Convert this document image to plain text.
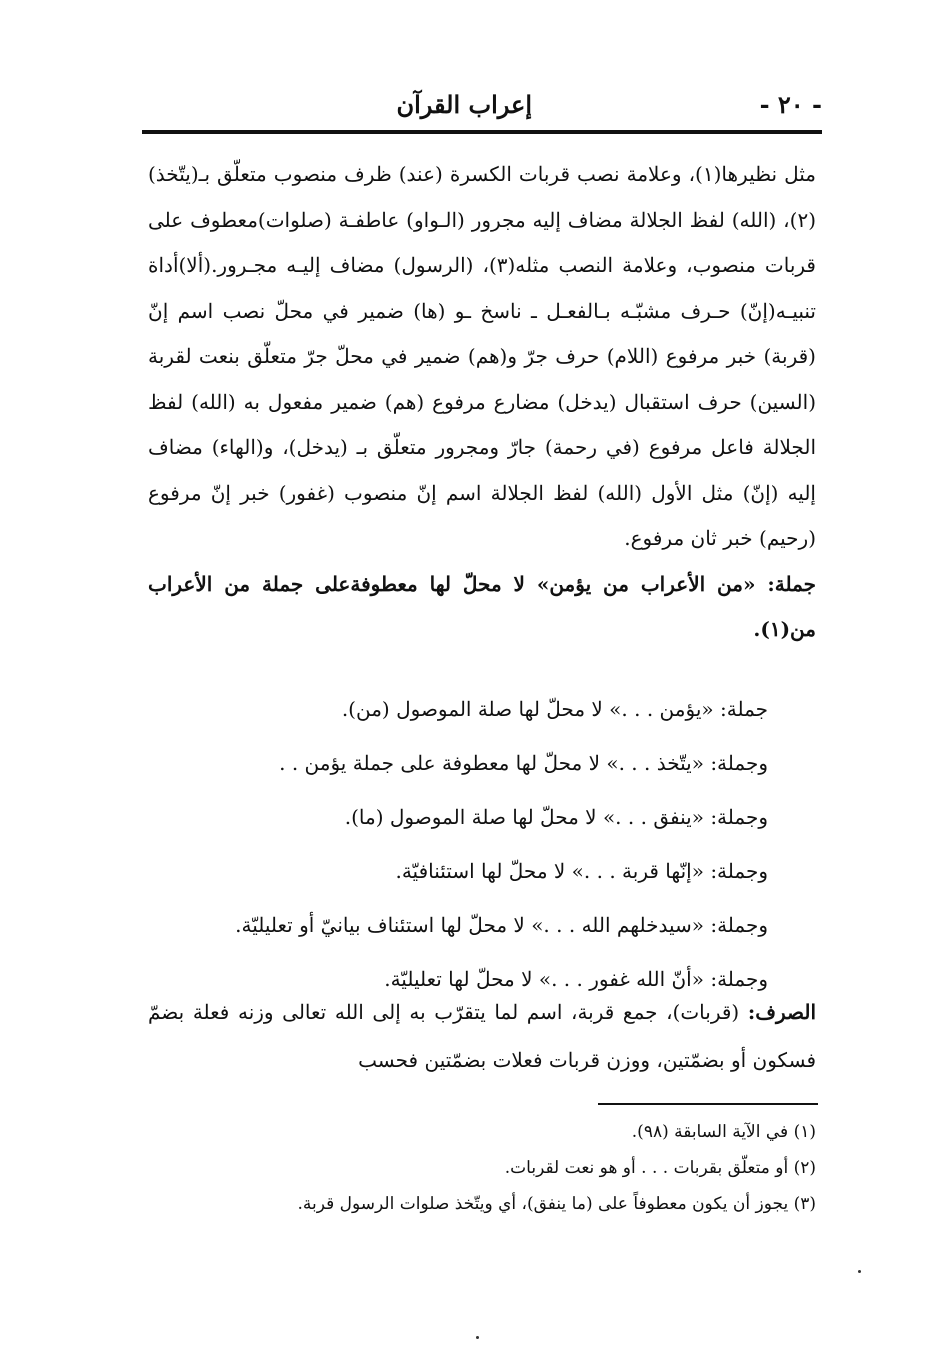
- ٢٠ -
إعراب القرآن

مثل نظيرها(١)، وعلامة نصب قربات الكسرة (عند) ظرف منصوب متعلّق بـ(يتّخذ)(٢)، (الله) لفظ الجلالة مضاف إليه مجرور (الـواو) عاطفـة (صلوات)معطوف على قربات منصوب، وعلامة النصب مثله(٣)، (الرسول) مضاف إليـه مجـرور.(ألا)أداة تنبيـه(إنّ) حـرف مشبّـه بـالفعـل ـ ناسخ ـو (ها) ضمير في محلّ نصب اسم إنّ (قربة) خبر مرفوع (اللام) حرف جرّ و(هم) ضمير في محلّ جرّ متعلّق بنعت لقربة (السين) حرف استقبال (يدخل) مضارع مرفوع (هم) ضمير مفعول به (الله) لفظ الجلالة فاعل مرفوع (في رحمة) جارّ ومجرور متعلّق بـ (يدخل)، و(الهاء) مضاف إليه (إنّ) مثل الأول (الله) لفظ الجلالة اسم إنّ منصوب (غفور) خبر إنّ مرفوع (رحيم) خبر ثان مرفوع.

جملة: «من الأعراب من يؤمن» لا محلّ لها معطوفةعلى جملة من الأعراب من(١).

جملة: «يؤمن . . .» لا محلّ لها صلة الموصول (من).

وجملة: «يتّخذ . . .» لا محلّ لها معطوفة على جملة يؤمن . .

وجملة: «ينفق . . .» لا محلّ لها صلة الموصول (ما).

وجملة: «إنّها قربة . . .» لا محلّ لها استئنافيّة.

وجملة: «سيدخلهم الله . . .» لا محلّ لها استئناف بيانيّ أو تعليليّة.

وجملة: «أنّ الله غفور . . .» لا محلّ لها تعليليّة.

الصرف: (قربات)، جمع قربة، اسم لما يتقرّب به إلى الله تعالى وزنه فعلة بضمّ فسكون أو بضمّتين، ووزن قربات فعلات بضمّتين فحسب

(١) في الآية السابقة (٩٨).

(٢) أو متعلّق بقربات . . . أو هو نعت لقربات.

(٣) يجوز أن يكون معطوفاً على (ما ينفق)، أي ويتّخذ صلوات الرسول قربة.
